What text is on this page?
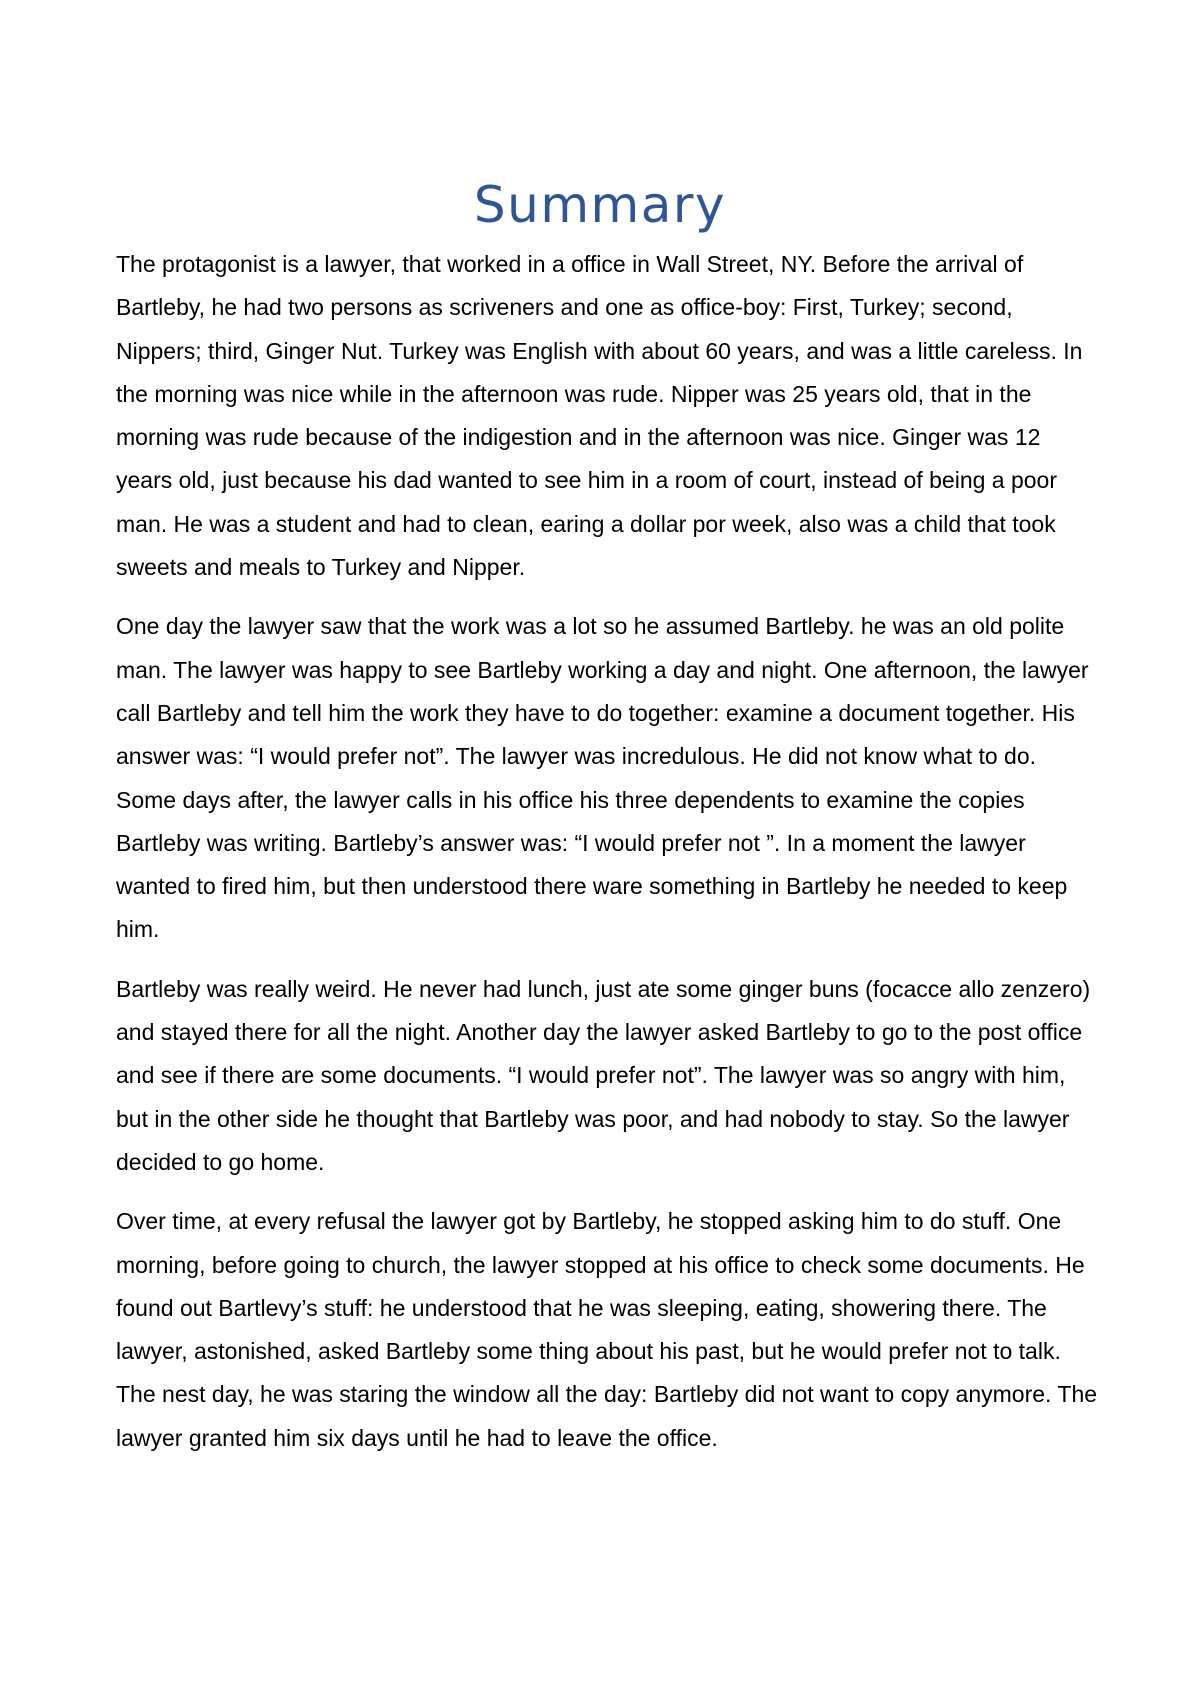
Summary

The protagonist is a lawyer, that worked in a office in Wall Street, NY. Before the arrival of Bartleby, he had two persons as scriveners and one as office-boy: First, Turkey; second, Nippers; third, Ginger Nut. Turkey was English with about 60 years, and was a little careless. In the morning was nice while in the afternoon was rude. Nipper was 25 years old, that in the morning was rude because of the indigestion and in the afternoon was nice. Ginger was 12 years old, just because his dad wanted to see him in a room of court, instead of being a poor man. He was a student and had to clean, earing a dollar por week, also was a child that took sweets and meals to Turkey and Nipper.

One day the lawyer saw that the work was a lot so he assumed Bartleby. he was an old polite man. The lawyer was happy to see Bartleby working a day and night. One afternoon, the lawyer call Bartleby and tell him the work they have to do together: examine a document together. His answer was: “I would prefer not”. The lawyer was incredulous. He did not know what to do. Some days after, the lawyer calls in his office his three dependents to examine the copies Bartleby was writing. Bartleby’s answer was: “I would prefer not ”. In a moment the lawyer wanted to fired him, but then understood there ware something in Bartleby he needed to keep him.

Bartleby was really weird. He never had lunch, just ate some ginger buns (focacce allo zenzero) and stayed there for all the night. Another day the lawyer asked Bartleby to go to the post office and see if there are some documents. “I would prefer not”. The lawyer was so angry with him, but in the other side he thought that Bartleby was poor, and had nobody to stay. So the lawyer decided to go home.

Over time, at every refusal the lawyer got by Bartleby, he stopped asking him to do stuff. One morning, before going to church, the lawyer stopped at his office to check some documents. He found out Bartlevy’s stuff: he understood that he was sleeping, eating, showering there. The lawyer, astonished, asked Bartleby some thing about his past, but he would prefer not to talk. The nest day, he was staring the window all the day: Bartleby did not want to copy anymore. The lawyer granted him six days until he had to leave the office.
